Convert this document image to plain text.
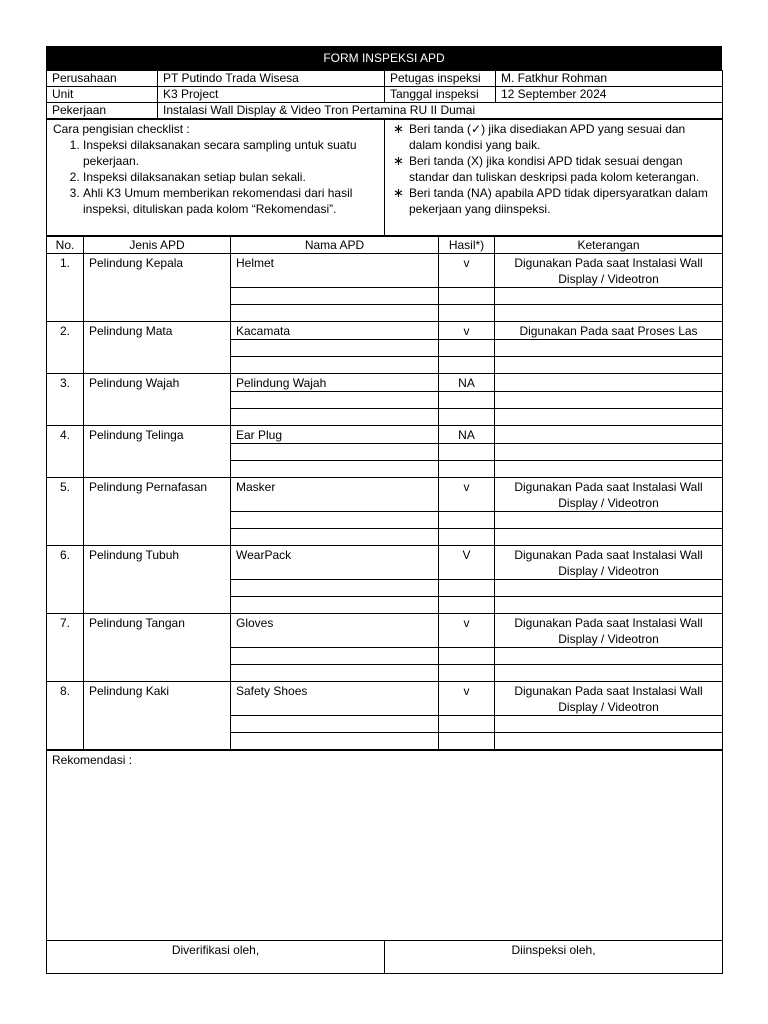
FORM INSPEKSI APD
Perusahaan	PT Putindo Trada Wisesa	Petugas inspeksi	M. Fatkhur Rohman
Unit	K3 Project	Tanggal inspeksi	12 September 2024
Pekerjaan	Instalasi Wall Display & Video Tron Pertamina RU II Dumai		
Cara pengisian checklist :
1. Inspeksi dilaksanakan secara sampling untuk suatu pekerjaan.
2. Inspeksi dilaksanakan setiap bulan sekali.
3. Ahli K3 Umum memberikan rekomendasi dari hasil inspeksi, dituliskan pada kolom “Rekomendasi”.

∗ Beri tanda (✓) jika disediakan APD yang sesuai dan dalam kondisi yang baik.
∗ Beri tanda (X) jika kondisi APD tidak sesuai dengan standar dan tuliskan deskripsi pada kolom keterangan.
∗ Beri tanda (NA) apabila APD tidak dipersyaratkan dalam pekerjaan yang diinspeksi.
No.	Jenis APD	Nama APD	Hasil*)	Keterangan
1.	Pelindung Kepala	Helmet	v	Digunakan Pada saat Instalasi Wall Display / Videotron

2.	Pelindung Mata	Kacamata	v	Digunakan Pada saat Proses Las

3.	Pelindung Wajah	Pelindung Wajah	NA	

4.	Pelindung Telinga	Ear Plug	NA	

5.	Pelindung Pernafasan	Masker	v	Digunakan Pada saat Instalasi Wall Display / Videotron

6.	Pelindung Tubuh	WearPack	V	Digunakan Pada saat Instalasi Wall Display / Videotron

7.	Pelindung Tangan	Gloves	v	Digunakan Pada saat Instalasi Wall Display / Videotron

8.	Pelindung Kaki	Safety Shoes	v	Digunakan Pada saat Instalasi Wall Display / Videotron

Rekomendasi :
Diverifikasi oleh,	Diinspeksi oleh,
